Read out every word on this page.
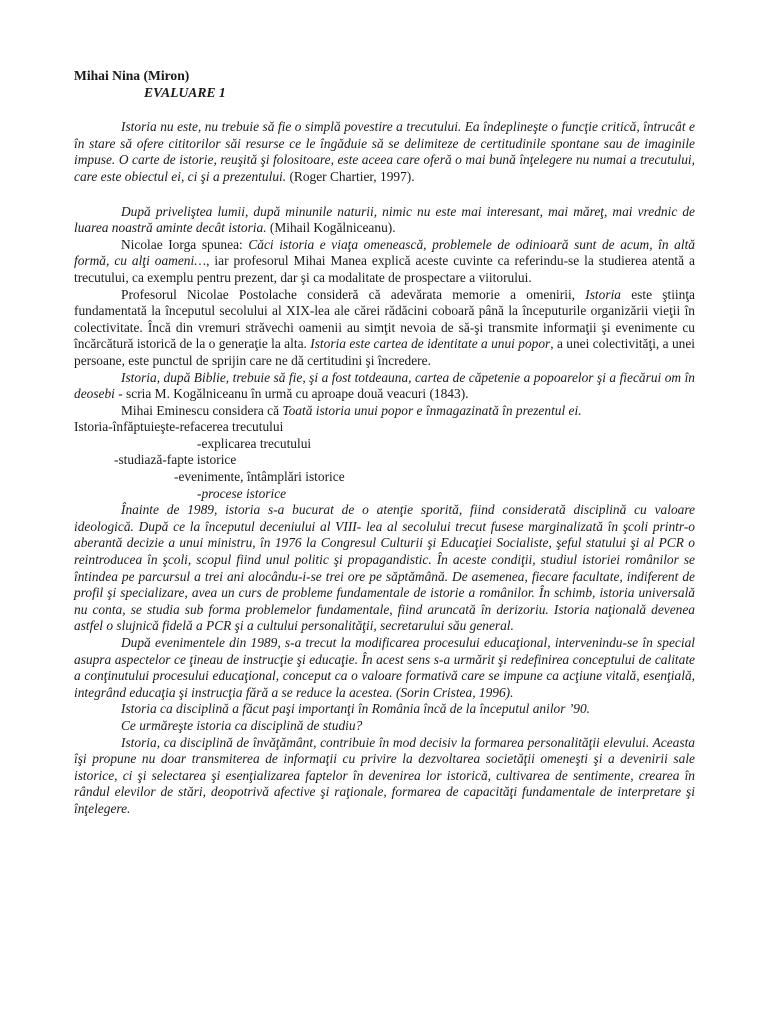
Mihai Nina (Miron)

EVALUARE 1

Istoria nu este, nu trebuie să fie o simplă povestire a trecutului. Ea îndeplineşte o funcţie critică, întrucât e în stare să ofere cititorilor săi resurse ce le îngăduie să se delimiteze de certitudinile spontane sau de imaginile impuse. O carte de istorie, reuşită şi folositoare, este aceea care oferă o mai bună înţelegere nu numai a trecutului, care este obiectul ei, ci şi a prezentului. (Roger Chartier, 1997).

După priveliştea lumii, după minunile naturii, nimic nu este mai interesant, mai măreţ, mai vrednic de luarea noastră aminte decât istoria. (Mihail Kogălniceanu).

Nicolae Iorga spunea: Căci istoria e viaţa omenească, problemele de odinioară sunt de acum, în altă formă, cu alţi oameni…, iar profesorul Mihai Manea explică aceste cuvinte ca referindu-se la studierea atentă a trecutului, ca exemplu pentru prezent, dar şi ca modalitate de prospectare a viitorului.

Profesorul Nicolae Postolache consideră că adevărata memorie a omenirii, Istoria este ştiinţa fundamentată la începutul secolului al XIX-lea ale cărei rădăcini coboară până la începuturile organizării vieţii în colectivitate. Încă din vremuri străvechi oamenii au simţit nevoia de să-şi transmite informaţii şi evenimente cu încărcătură istorică de la o generaţie la alta. Istoria este cartea de identitate a unui popor, a unei colectivităţi, a unei persoane, este punctul de sprijin care ne dă certitudini şi încredere.

Istoria, după Biblie, trebuie să fie, şi a fost totdeauna, cartea de căpetenie a popoarelor şi a fiecărui om în deosebi - scria M. Kogălniceanu în urmă cu aproape două veacuri (1843).

Mihai Eminescu considera că Toată istoria unui popor e înmagazinată în prezentul ei.

Istoria-înfăptuieşte-refacerea trecutului

-explicarea trecutului

-studiază-fapte istorice

-evenimente, întâmplări istorice

-procese istorice

Înainte de 1989, istoria s-a bucurat de o atenţie sporită, fiind considerată disciplină cu valoare ideologică. După ce la începutul deceniului al VIII- lea al secolului trecut fusese marginalizată în şcoli printr-o aberantă decizie a unui ministru, în 1976 la Congresul Culturii şi Educaţiei Socialiste, şeful statului şi al PCR o reintroducea în şcoli, scopul fiind unul politic şi propagandistic. În aceste condiţii, studiul istoriei românilor se întindea pe parcursul a trei ani alocându-i-se trei ore pe săptămână. De asemenea, fiecare facultate, indiferent de profil şi specializare, avea un curs de probleme fundamentale de istorie a românilor. În schimb, istoria universală nu conta, se studia sub forma problemelor fundamentale, fiind aruncată în derizoriu. Istoria naţională devenea astfel o slujnică fidelă a PCR şi a cultului personalităţii, secretarului său general.

După evenimentele din 1989, s-a trecut la modificarea procesului educaţional, intervenindu-se în special asupra aspectelor ce ţineau de instrucţie şi educaţie. În acest sens s-a urmărit şi redefinirea conceptului de calitate a conţinutului procesului educaţional, conceput ca o valoare formativă care se impune ca acţiune vitală, esenţială, integrând educaţia şi instrucţia fără a se reduce la acestea. (Sorin Cristea, 1996).

Istoria ca disciplină a făcut paşi importanţi în România încă de la începutul anilor ’90.

Ce urmăreşte istoria ca disciplină de studiu?

Istoria, ca disciplină de învăţământ, contribuie în mod decisiv la formarea personalităţii elevului. Aceasta îşi propune nu doar transmiterea de informaţii cu privire la dezvoltarea societăţii omeneşti şi a devenirii sale istorice, ci şi selectarea şi esenţializarea faptelor în devenirea lor istorică, cultivarea de sentimente, crearea în rândul elevilor de stări, deopotrivă afective şi raţionale, formarea de capacităţi fundamentale de interpretare şi înţelegere.
